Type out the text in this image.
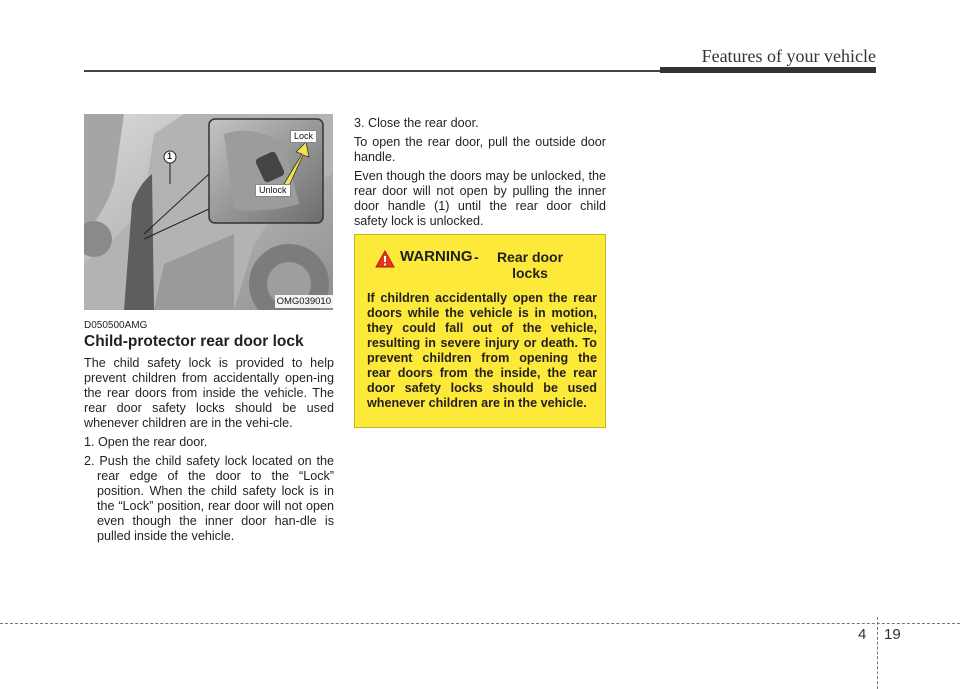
Features of your vehicle
Lock
Unlock
1
OMG039010
D050500AMG
Child-protector rear door lock

The child safety lock is provided to help prevent children from accidentally open-ing the rear doors from inside the vehicle. The rear door safety locks should be used whenever children are in the vehi-cle.

1. Open the rear door.

2. Push the child safety lock located on the rear edge of the door to the “Lock” position. When the child safety lock is in the “Lock” position, rear door will not open even though the inner door han-dle is pulled inside the vehicle.

3. Close the rear door.

To open the rear door, pull the outside door handle.

Even though the doors may be unlocked, the rear door will not open by pulling the inner door handle (1) until the rear door child safety lock is unlocked.

WARNING -	Rear door locks
If children accidentally open the rear doors while the vehicle is in motion, they could fall out of the vehicle, resulting in severe injury or death. To prevent children from opening the rear doors from the inside, the rear door safety locks should be used whenever children are in the vehicle.
4 19
